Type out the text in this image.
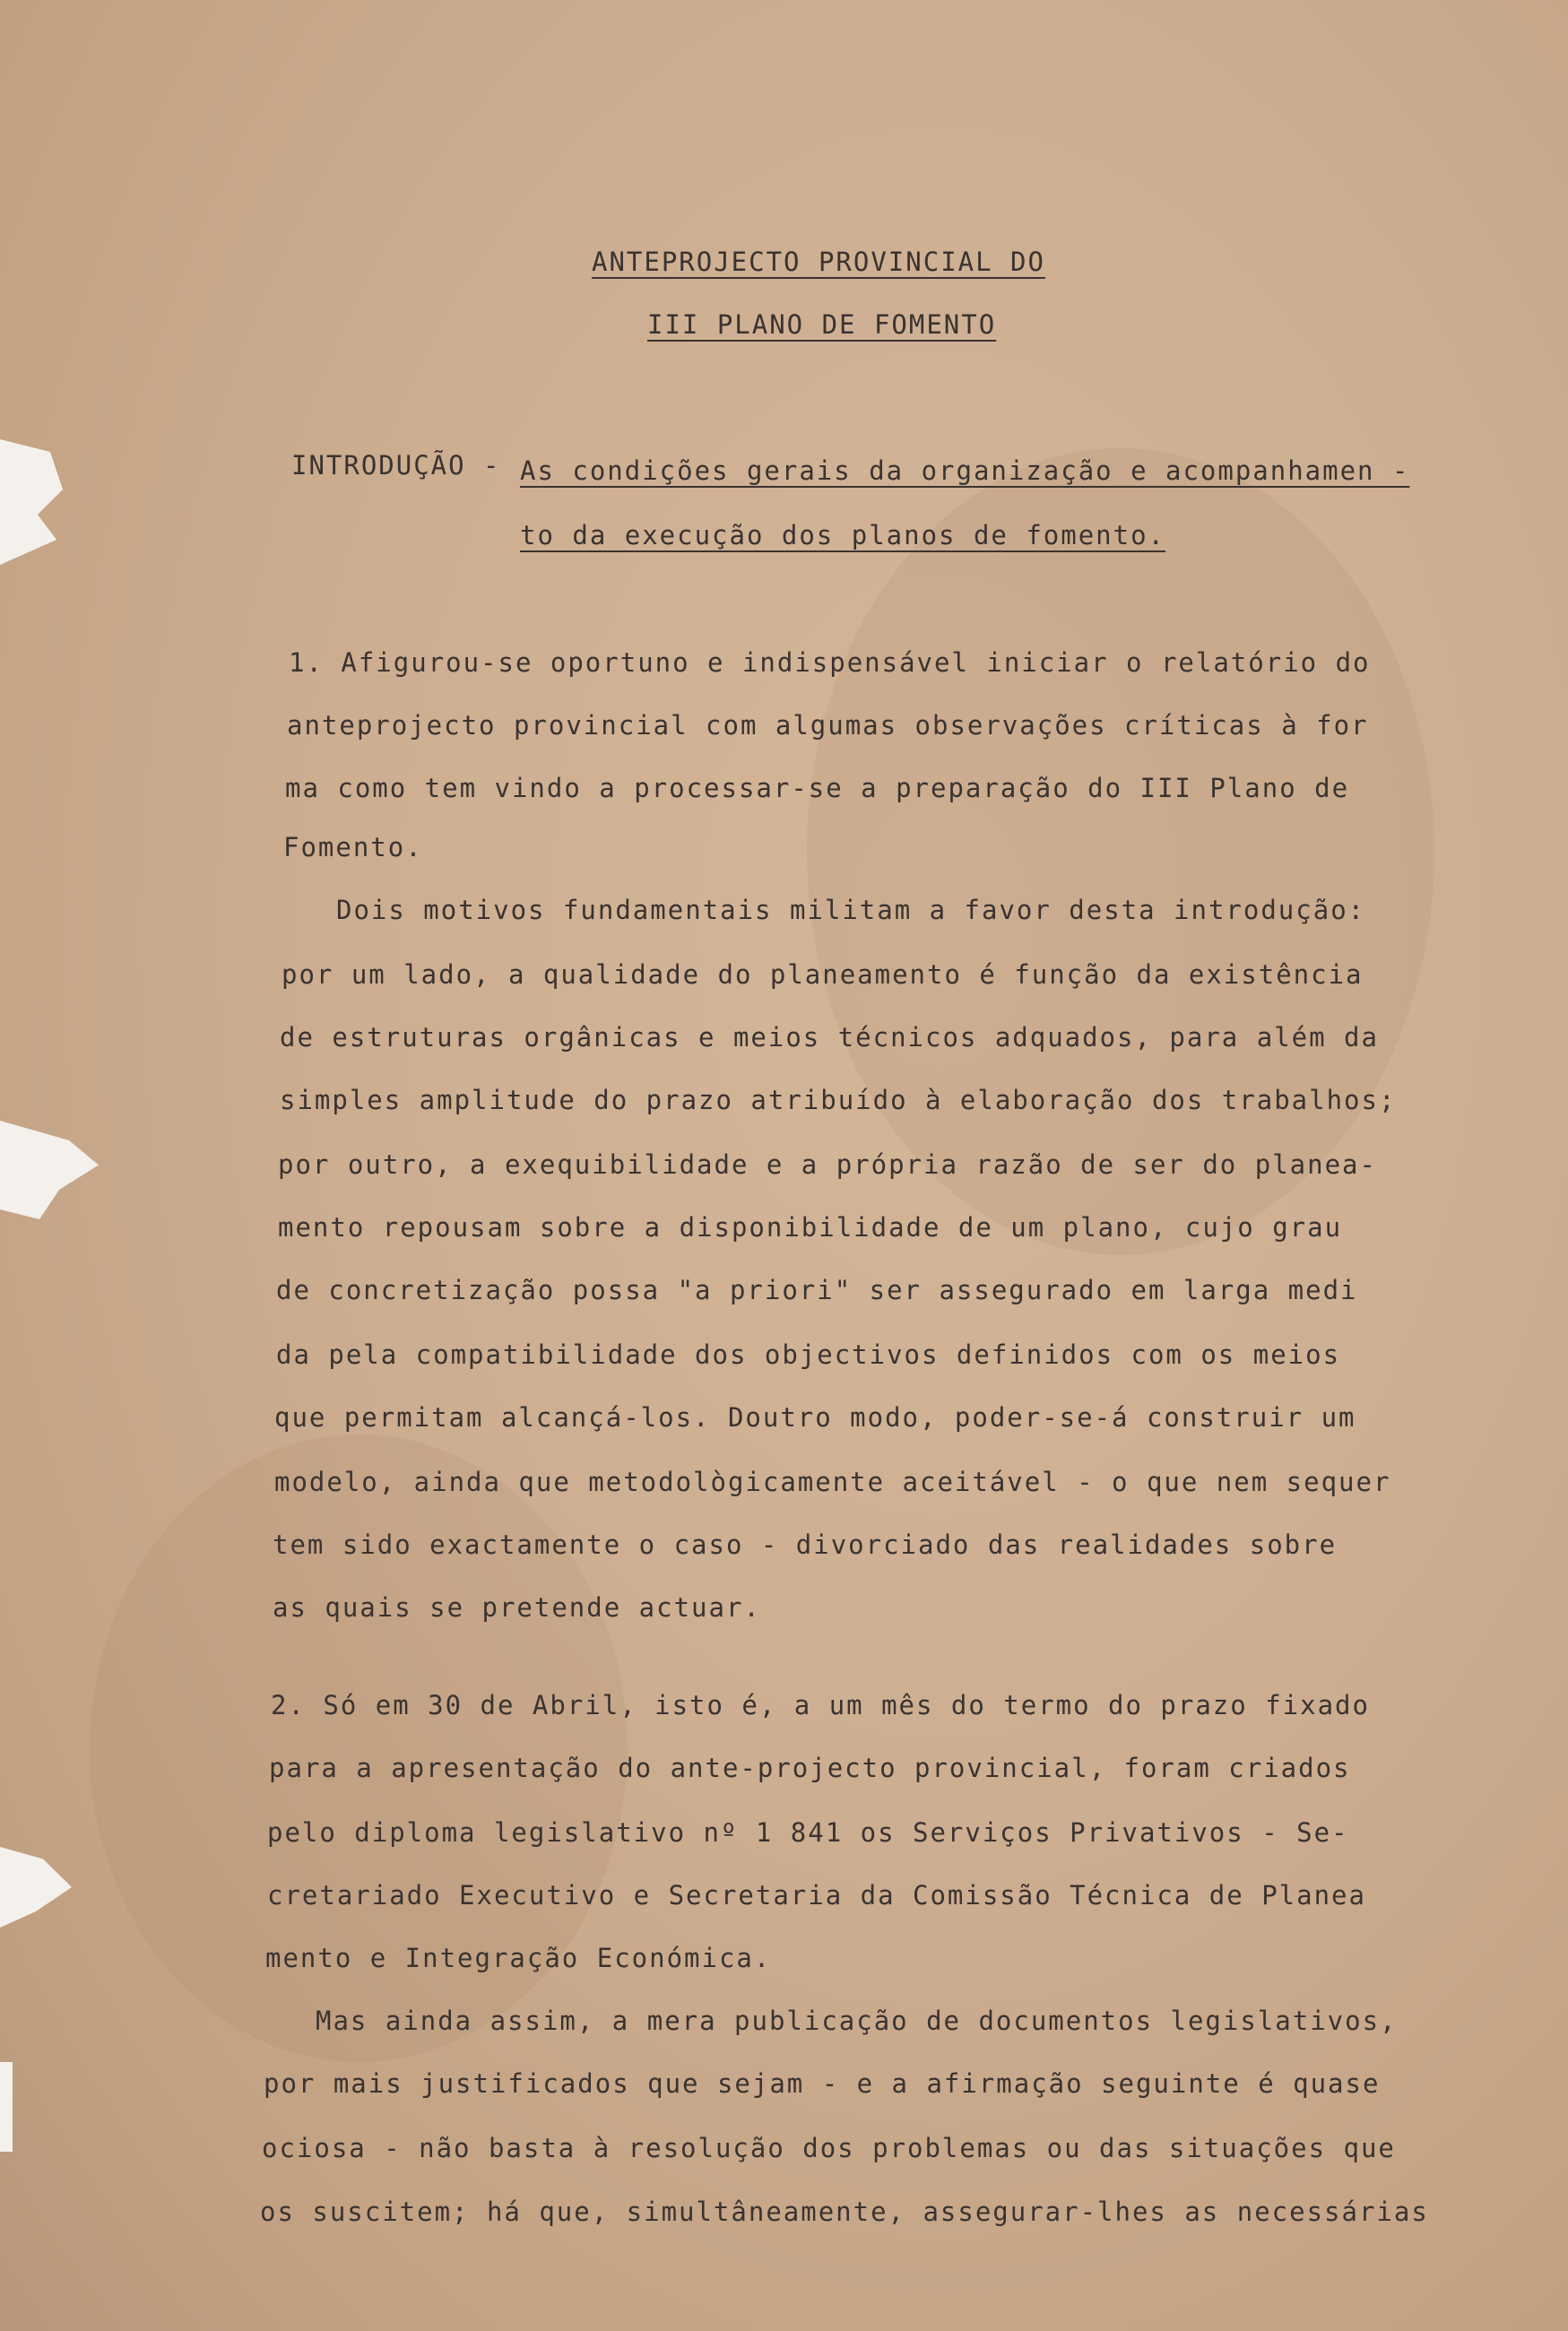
ANTEPROJECTO PROVINCIAL DO
III PLANO DE FOMENTO
INTRODUÇÃO - As condições gerais da organização e acompanhamen -
to da execução dos planos de fomento.
1. Afigurou-se oportuno e indispensável iniciar o relatório do
anteprojecto provincial com algumas observações críticas à for
ma como tem vindo a processar-se a preparação do III Plano de
Fomento.
Dois motivos fundamentais militam a favor desta introdução:
por um lado, a qualidade do planeamento é função da existência
de estruturas orgânicas e meios técnicos adquados, para além da
simples amplitude do prazo atribuído à elaboração dos trabalhos;
por outro, a exequibilidade e a própria razão de ser do planea-
mento repousam sobre a disponibilidade de um plano, cujo grau
de concretização possa "a priori" ser assegurado em larga medi
da pela compatibilidade dos objectivos definidos com os meios
que permitam alcançá-los. Doutro modo, poder-se-á construir um
modelo, ainda que metodològicamente aceitável - o que nem sequer
tem sido exactamente o caso - divorciado das realidades sobre
as quais se pretende actuar.
2. Só em 30 de Abril, isto é, a um mês do termo do prazo fixado
para a apresentação do ante-projecto provincial, foram criados
pelo diploma legislativo nº 1 841 os Serviços Privativos - Se-
cretariado Executivo e Secretaria da Comissão Técnica de Planea
mento e Integração Económica.
Mas ainda assim, a mera publicação de documentos legislativos,
por mais justificados que sejam - e a afirmação seguinte é quase
ociosa - não basta à resolução dos problemas ou das situações que
os suscitem; há que, simultâneamente, assegurar-lhes as necessárias
